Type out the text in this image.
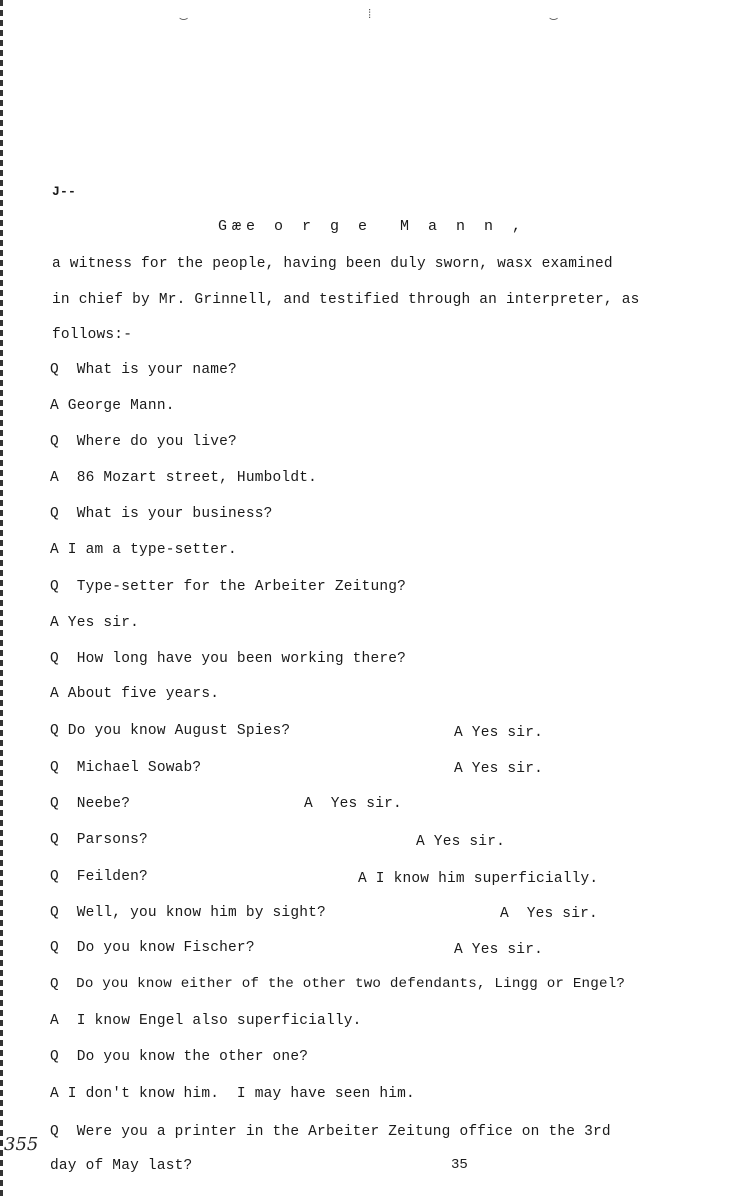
‿	⁞	‿
J--
Gæe o r g e  M a n n ,
a witness for the people, having been duly sworn, wasx examined
in chief by Mr. Grinnell, and testified through an interpreter, as
follows:-
Q  What is your name?
A George Mann.
Q  Where do you live?
A  86 Mozart street, Humboldt.
Q  What is your business?
A I am a type-setter.
Q  Type-setter for the Arbeiter Zeitung?
A Yes sir.
Q  How long have you been working there?
A About five years.
Q Do you know August Spies?	A Yes sir.
Q  Michael Sowab?	A Yes sir.
Q  Neebe?	A  Yes sir.
Q  Parsons?	A Yes sir.
Q  Feilden?	A I know him superficially.
Q  Well, you know him by sight?	A  Yes sir.
Q  Do you know Fischer?	A Yes sir.
Q  Do you know either of the other two defendants, Lingg or Engel?
A  I know Engel also superficially.
Q  Do you know the other one?
A I don't know him.  I may have seen him.
Q  Were you a printer in the Arbeiter Zeitung office on the 3rd
day of May last?
355
35
